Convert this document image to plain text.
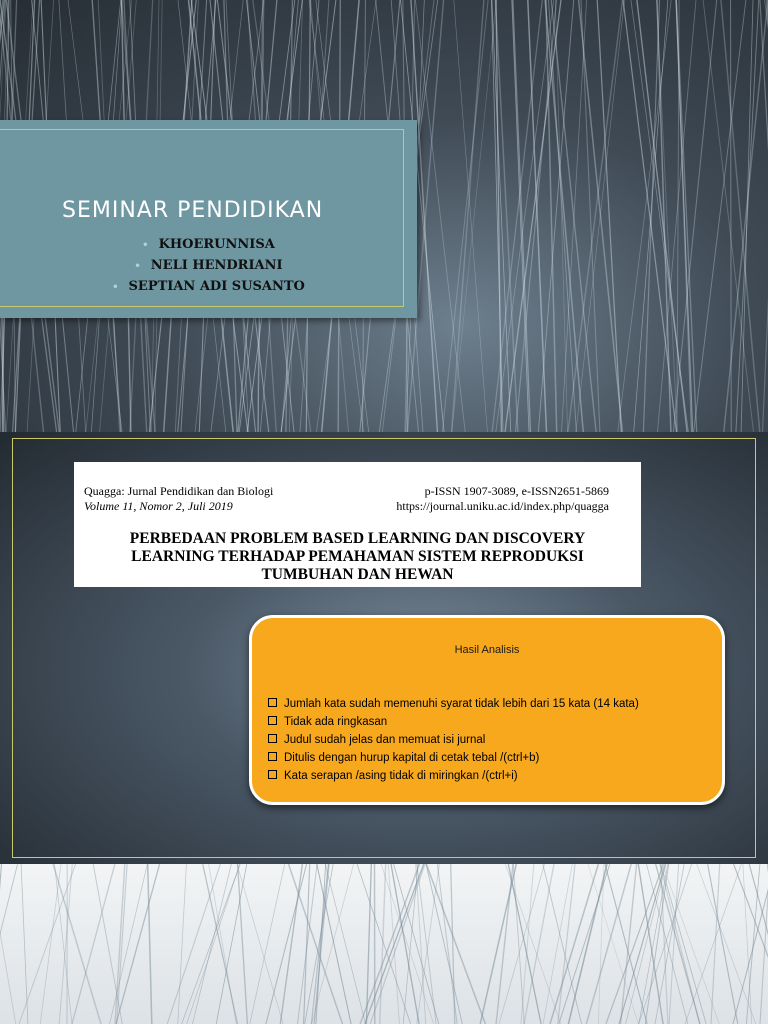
SEMINAR PENDIDIKAN
• KHOERUNNISA
• NELI HENDRIANI
• SEPTIAN ADI SUSANTO
Quagga: Jurnal Pendidikan dan Biologi
Volume 11, Nomor 2, Juli 2019
p-ISSN 1907-3089, e-ISSN2651-5869
https://journal.uniku.ac.id/index.php/quagga
PERBEDAAN PROBLEM BASED LEARNING DAN DISCOVERY
LEARNING TERHADAP PEMAHAMAN SISTEM REPRODUKSI
TUMBUHAN DAN HEWAN
Hasil Analisis
Jumlah kata sudah memenuhi syarat tidak lebih dari 15 kata (14 kata)
Tidak ada ringkasan
Judul sudah jelas dan memuat isi jurnal
Ditulis dengan hurup kapital di cetak tebal /(ctrl+b)
Kata serapan /asing tidak di miringkan /(ctrl+i)
